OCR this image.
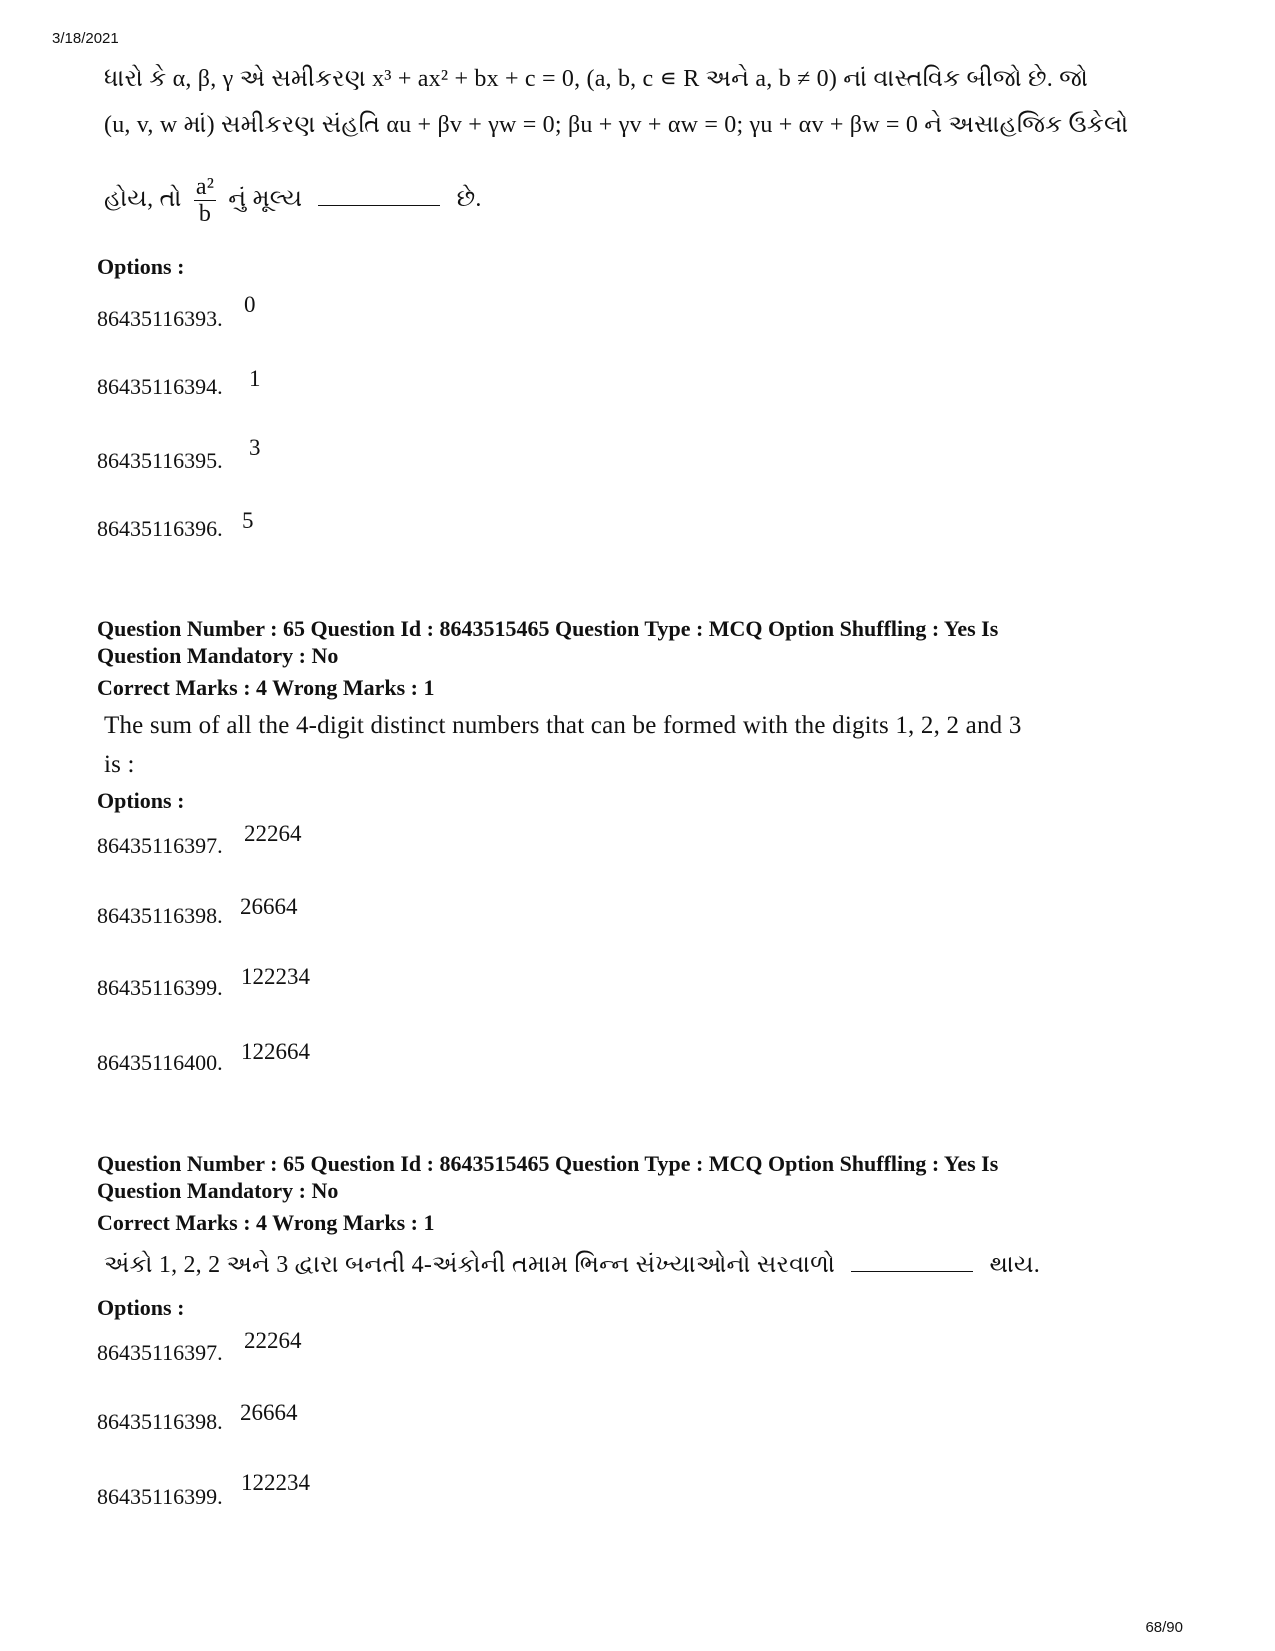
3/18/2021
ધારો કે α, β, γ એ સમીકરણ x³ + ax² + bx + c = 0, (a, b, c ∊ R અને a, b ≠ 0) નાં વાસ્તવિક બીજો છે. જો
(u, v, w માં) સમીકરણ સંહતિ αu + βv + γw = 0; βu + γv + αw = 0; γu + αv + βw = 0 ને અસાહજિક ઉકેલો
હોય, તો $\frac{\text{a²}}{b}$ નું મૂલ્ય	છે.
Options :
86435116393.
0
86435116394. 1
86435116395.
3
86435116396. 5
Question Number : 65 Question Id : 8643515465 Question Type : MCQ Option Shuffling : Yes Is
Question Mandatory : No
Correct Marks : 4 Wrong Marks : 1
The sum of all the 4-digit distinct numbers that can be formed with the digits 1, 2, 2 and 3
is :
Options :
86435116397. 22264
86435116398. 26664
86435116399. 122234
86435116400. 122664
Question Number : 65 Question Id : 8643515465 Question Type : MCQ Option Shuffling : Yes Is
Question Mandatory : No
Correct Marks : 4 Wrong Marks : 1
અંકો 1, 2, 2 અને 3 દ્વારા બનતી 4-અંકોની તમામ ભિન્ન સંખ્યાઓનો સરવાળો	થાય.
Options :
86435116397. 22264
86435116398. 26664
86435116399.
122234
68/90
